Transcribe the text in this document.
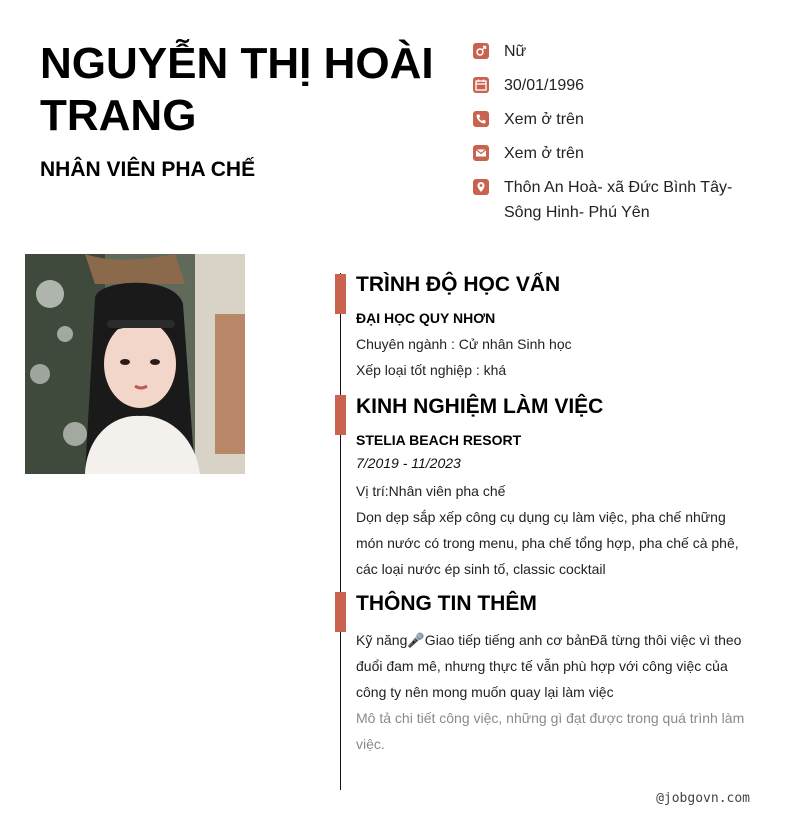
NGUYỄN THỊ HOÀI TRANG
NHÂN VIÊN PHA CHẾ
Nữ
30/01/1996
Xem ở trên
Xem ở trên
Thôn An Hoà- xã Đức Bình Tây- Sông Hinh- Phú Yên
TRÌNH ĐỘ HỌC VẤN
ĐẠI HỌC QUY NHƠN
Chuyên ngành : Cử nhân Sinh học
Xếp loại tốt nghiệp : khá
KINH NGHIỆM LÀM VIỆC
STELIA BEACH RESORT
7/2019 - 11/2023
Vị trí:Nhân viên pha chế
Dọn dẹp sắp xếp công cụ dụng cụ làm việc, pha chế những món nước có trong menu, pha chế tổng hợp, pha chế cà phê, các loại nước ép sinh tố, classic cocktail
THÔNG TIN THÊM
Kỹ năng🎤Giao tiếp tiếng anh cơ bảnĐã từng thôi việc vì theo đuổi đam mê, nhưng thực tế vẫn phù hợp với công việc của công ty nên mong muốn quay lại làm việc
Mô tả chi tiết công việc, những gì đạt được trong quá trình làm việc.
@jobgovn.com
